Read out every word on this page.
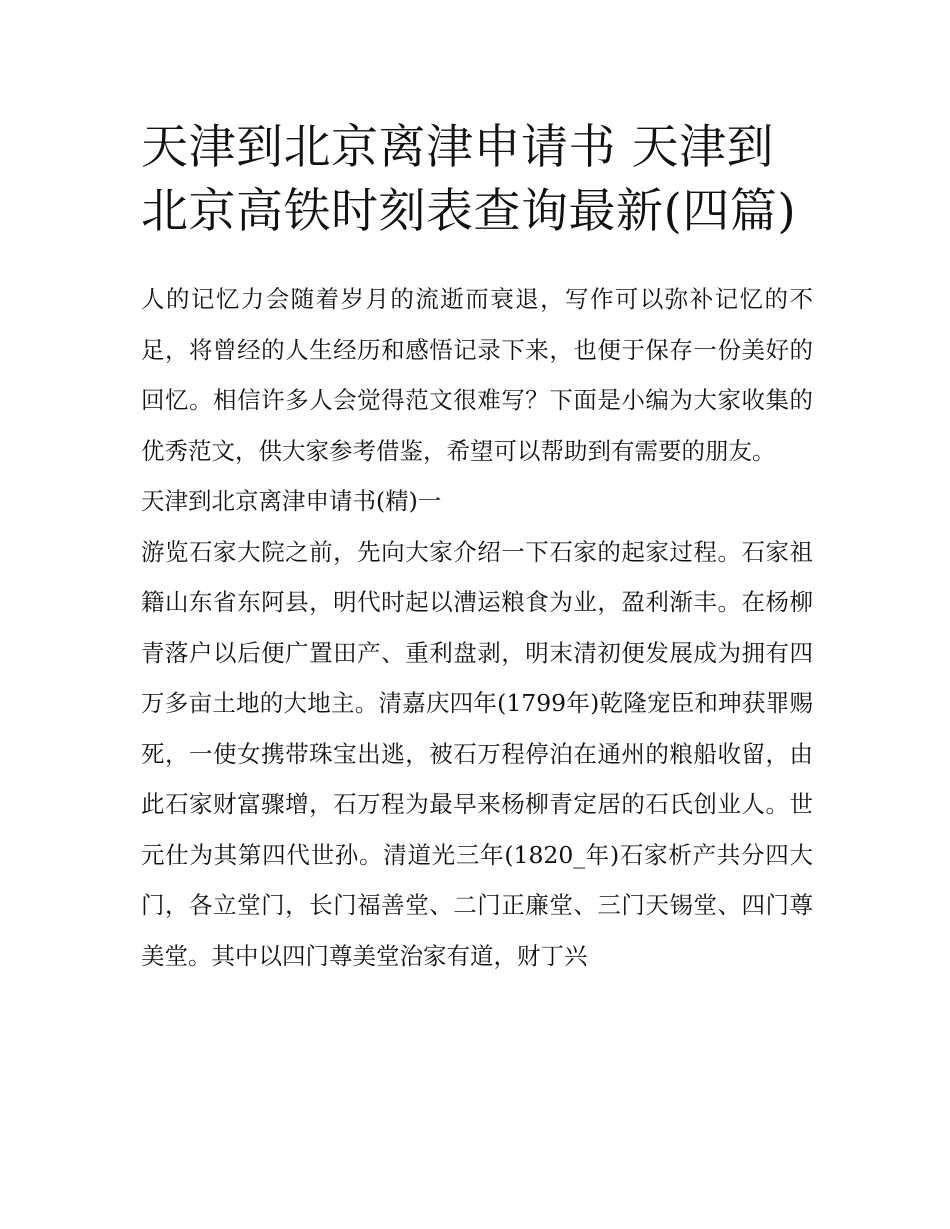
天津到北京离津申请书 天津到北京高铁时刻表查询最新(四篇)

人的记忆力会随着岁月的流逝而衰退，写作可以弥补记忆的不足，将曾经的人生经历和感悟记录下来，也便于保存一份美好的回忆。相信许多人会觉得范文很难写？下面是小编为大家收集的优秀范文，供大家参考借鉴，希望可以帮助到有需要的朋友。

天津到北京离津申请书(精)一

游览石家大院之前，先向大家介绍一下石家的起家过程。石家祖籍山东省东阿县，明代时起以漕运粮食为业，盈利渐丰。在杨柳青落户以后便广置田产、重利盘剥，明末清初便发展成为拥有四万多亩土地的大地主。清嘉庆四年(1799年)乾隆宠臣和珅获罪赐死，一使女携带珠宝出逃，被石万程停泊在通州的粮船收留，由此石家财富骤增，石万程为最早来杨柳青定居的石氏创业人。世元仕为其第四代世孙。清道光三年(1820_年)石家析产共分四大门，各立堂门，长门福善堂、二门正廉堂、三门天锡堂、四门尊美堂。其中以四门尊美堂治家有道，财丁兴
